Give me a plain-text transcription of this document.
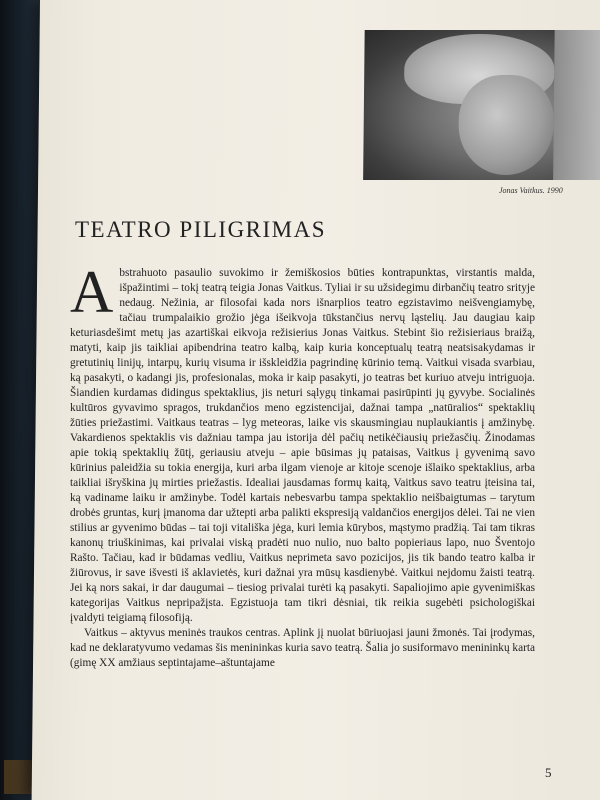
Jonas Vaitkus. 1990
TEATRO PILIGRIMAS

Abstrahuoto pasaulio suvokimo ir žemiškosios būties kontrapunktas, virstantis malda, išpažintimi – tokį teatrą teigia Jonas Vaitkus. Tyliai ir su užsidegimu dirbančių teatro srityje nedaug. Nežinia, ar filosofai kada nors išnarplios teatro egzistavimo neišvengiamybę, tačiau trumpalaikio grožio jėga išeikvoja tūkstančius nervų ląstelių. Jau daugiau kaip keturiasdešimt metų jas azartiškai eikvoja režisierius Jonas Vaitkus. Stebint šio režisieriaus braižą, matyti, kaip jis taikliai apibendrina teatro kalbą, kaip kuria konceptualų teatrą neatsisakydamas ir gretutinių linijų, intarpų, kurių visuma ir išskleidžia pagrindinę kūrinio temą. Vaitkui visada svarbiau, ką pasakyti, o kadangi jis, profesionalas, moka ir kaip pasakyti, jo teatras bet kuriuo atveju intriguoja. Šiandien kurdamas didingus spektaklius, jis neturi sąlygų tinkamai pasirūpinti jų gyvybe. Socialinės kultūros gyvavimo spragos, trukdančios meno egzistencijai, dažnai tampa „natūralios“ spektaklių žūties priežastimi. Vaitkaus teatras – lyg meteoras, laike vis skausmingiau nuplaukiantis į amžinybę. Vakardienos spektaklis vis dažniau tampa jau istorija dėl pačių netikėčiausių priežasčių. Žinodamas apie tokią spektaklių žūtį, geriausiu atveju – apie būsimas jų pataisas, Vaitkus į gyvenimą savo kūrinius paleidžia su tokia energija, kuri arba ilgam vienoje ar kitoje scenoje išlaiko spektaklius, arba taikliai išryškina jų mirties priežastis. Idealiai jausdamas formų kaitą, Vaitkus savo teatru įteisina tai, ką vadiname laiku ir amžinybe. Todėl kartais nebesvarbu tampa spektaklio neišbaigtumas – tarytum drobės gruntas, kurį įmanoma dar užtepti arba palikti ekspresiją valdančios energijos dėlei. Tai ne vien stilius ar gyvenimo būdas – tai toji vitališka jėga, kuri lemia kūrybos, mąstymo pradžią. Tai tam tikras kanonų triuškinimas, kai privalai viską pradėti nuo nulio, nuo balto popieriaus lapo, nuo Šventojo Rašto. Tačiau, kad ir būdamas vedliu, Vaitkus neprimeta savo pozicijos, jis tik bando teatro kalba ir žiūrovus, ir save išvesti iš aklavietės, kuri dažnai yra mūsų kasdienybė. Vaitkui nejdomu žaisti teatrą. Jei ką nors sakai, ir dar daugumai – tiesiog privalai turėti ką pasakyti. Sapaliojimo apie gyvenimiškas kategorijas Vaitkus nepripažįsta. Egzistuoja tam tikri dėsniai, tik reikia sugebėti psichologiškai įvaldyti teigiamą filosofiją.

Vaitkus – aktyvus meninės traukos centras. Aplink jį nuolat būriuojasi jauni žmonės. Tai įrodymas, kad ne deklaratyvumo vedamas šis menininkas kuria savo teatrą. Šalia jo susiformavo menininkų karta (gimę XX amžiaus septintajame–aštuntajame

5
